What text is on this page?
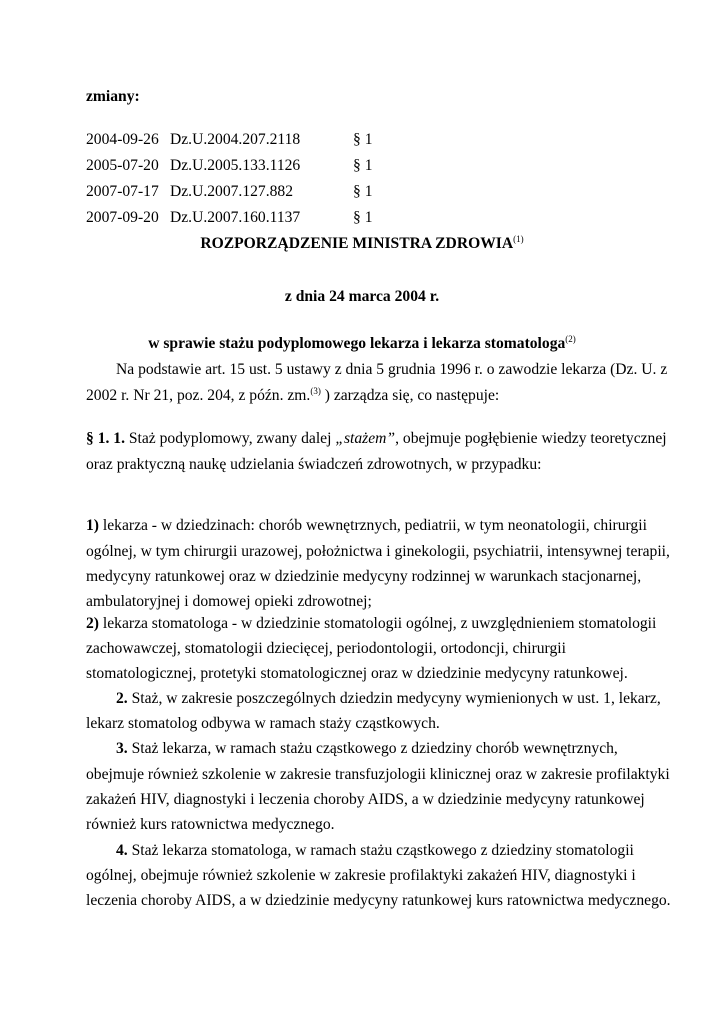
zmiany:
2004-09-26 Dz.U.2004.207.2118	§ 1
2005-07-20 Dz.U.2005.133.1126	§ 1
2007-07-17 Dz.U.2007.127.882	§ 1
2007-09-20 Dz.U.2007.160.1137	§ 1
ROZPORZĄDZENIE MINISTRA ZDROWIA$^{(1)}$
z dnia 24 marca 2004 r.
w sprawie stażu podyplomowego lekarza i lekarza stomatologa$^{(2)}$
Na podstawie art. 15 ust. 5 ustawy z dnia 5 grudnia 1996 r. o zawodzie lekarza (Dz. U. z
2002 r. Nr 21, poz. 204, z późn. zm.$^{(3)}$ ) zarządza się, co następuje:
§ 1. 1. Staż podyplomowy, zwany dalej „stażem”, obejmuje pogłębienie wiedzy teoretycznej
oraz praktyczną naukę udzielania świadczeń zdrowotnych, w przypadku:
1) lekarza - w dziedzinach: chorób wewnętrznych, pediatrii, w tym neonatologii, chirurgii
ogólnej, w tym chirurgii urazowej, położnictwa i ginekologii, psychiatrii, intensywnej terapii,
medycyny ratunkowej oraz w dziedzinie medycyny rodzinnej w warunkach stacjonarnej,
ambulatoryjnej i domowej opieki zdrowotnej;
2) lekarza stomatologa - w dziedzinie stomatologii ogólnej, z uwzględnieniem stomatologii
zachowawczej, stomatologii dziecięcej, periodontologii, ortodoncji, chirurgii
stomatologicznej, protetyki stomatologicznej oraz w dziedzinie medycyny ratunkowej.
2. Staż, w zakresie poszczególnych dziedzin medycyny wymienionych w ust. 1, lekarz,
lekarz stomatolog odbywa w ramach staży cząstkowych.
3. Staż lekarza, w ramach stażu cząstkowego z dziedziny chorób wewnętrznych,
obejmuje również szkolenie w zakresie transfuzjologii klinicznej oraz w zakresie profilaktyki
zakażeń HIV, diagnostyki i leczenia choroby AIDS, a w dziedzinie medycyny ratunkowej
również kurs ratownictwa medycznego.
4. Staż lekarza stomatologa, w ramach stażu cząstkowego z dziedziny stomatologii
ogólnej, obejmuje również szkolenie w zakresie profilaktyki zakażeń HIV, diagnostyki i
leczenia choroby AIDS, a w dziedzinie medycyny ratunkowej kurs ratownictwa medycznego.
